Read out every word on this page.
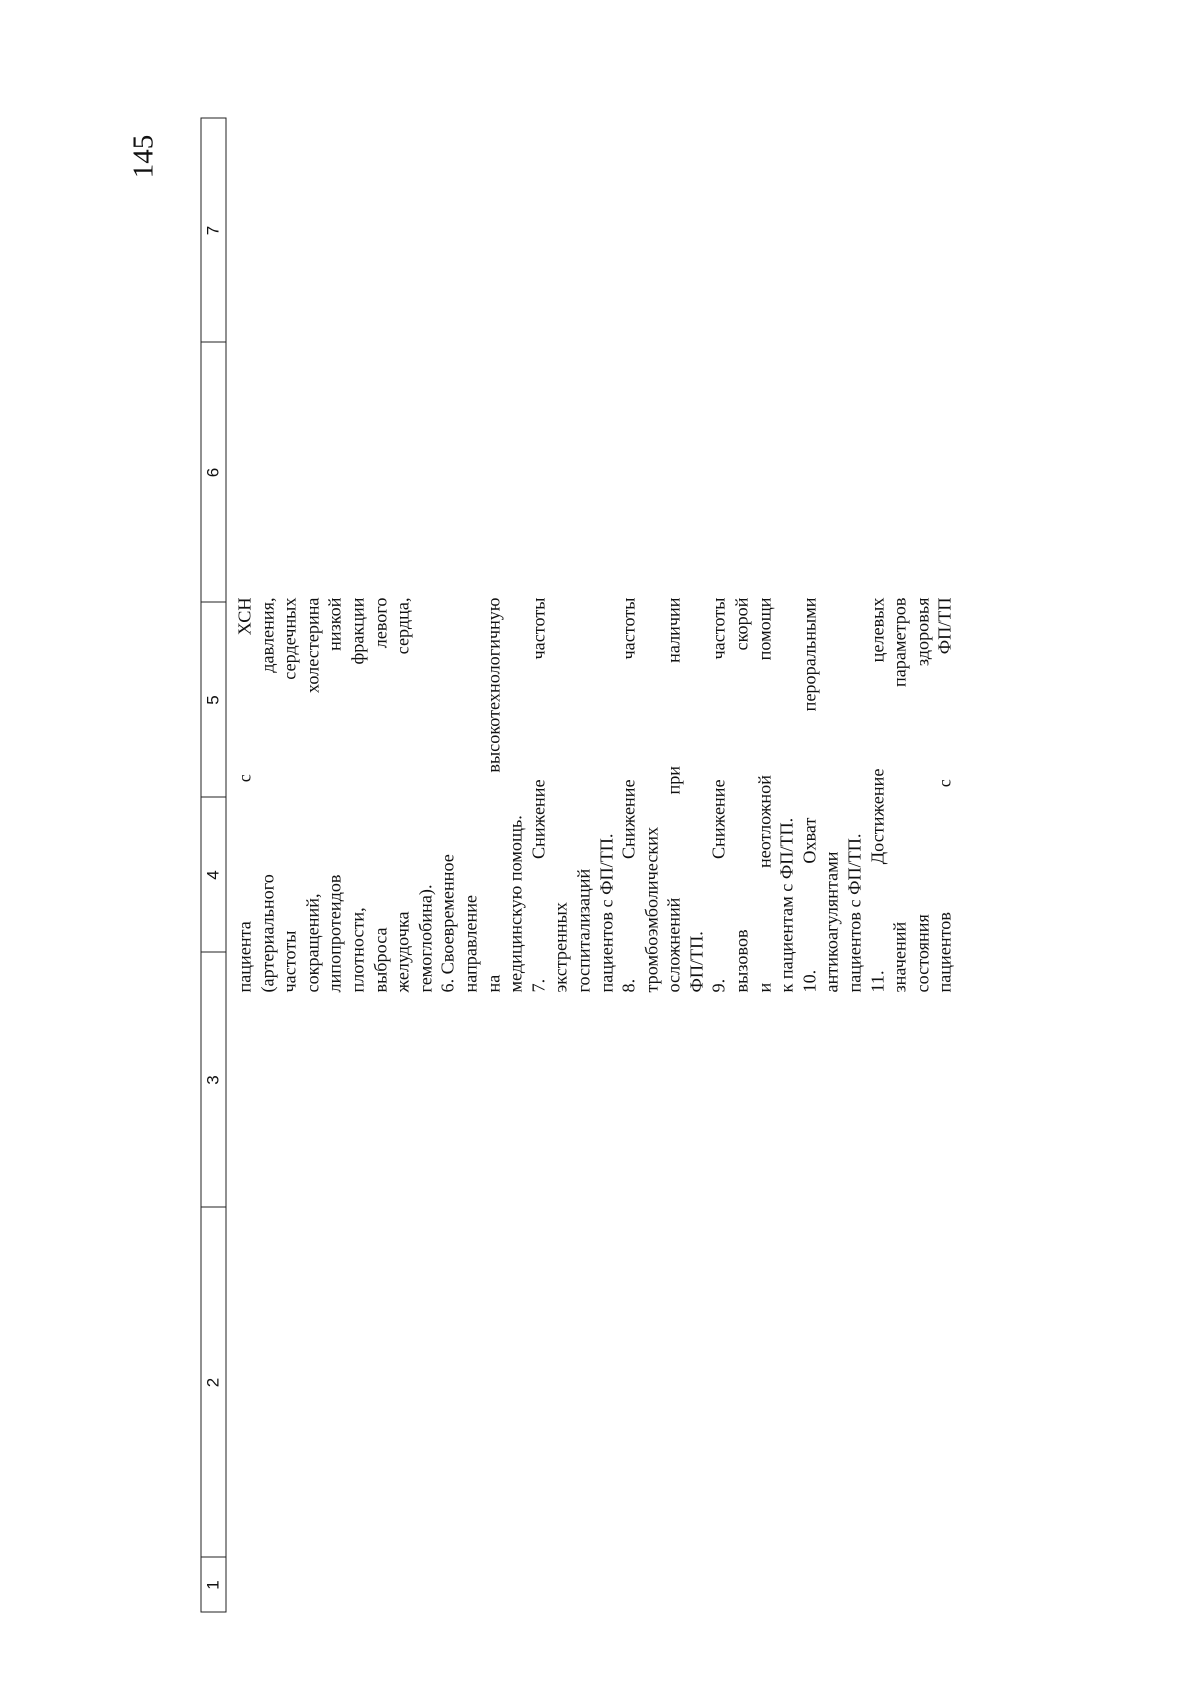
145
1
2
3
4
5
6
7
пациента с ХСН (артериального давления, частоты сердечных сокращений, холестерина липопротеидов низкой плотности, фракции выброса левого желудочка сердца, гемоглобина). 6. Своевременное направление на высокотехнологичную медицинскую помощь. 7. Снижение частоты экстренных госпитализаций пациентов с ФП/ТП. 8. Снижение частоты тромбоэмболических осложнений при наличии ФП/ТП. 9. Снижение частоты вызовов скорой и неотложной помощи к пациентам с ФП/ТП. 10. Охват пероральными антикоагулянтами пациентов с ФП/ТП. 11. Достижение целевых значений параметров состояния здоровья пациентов с ФП/ТП
